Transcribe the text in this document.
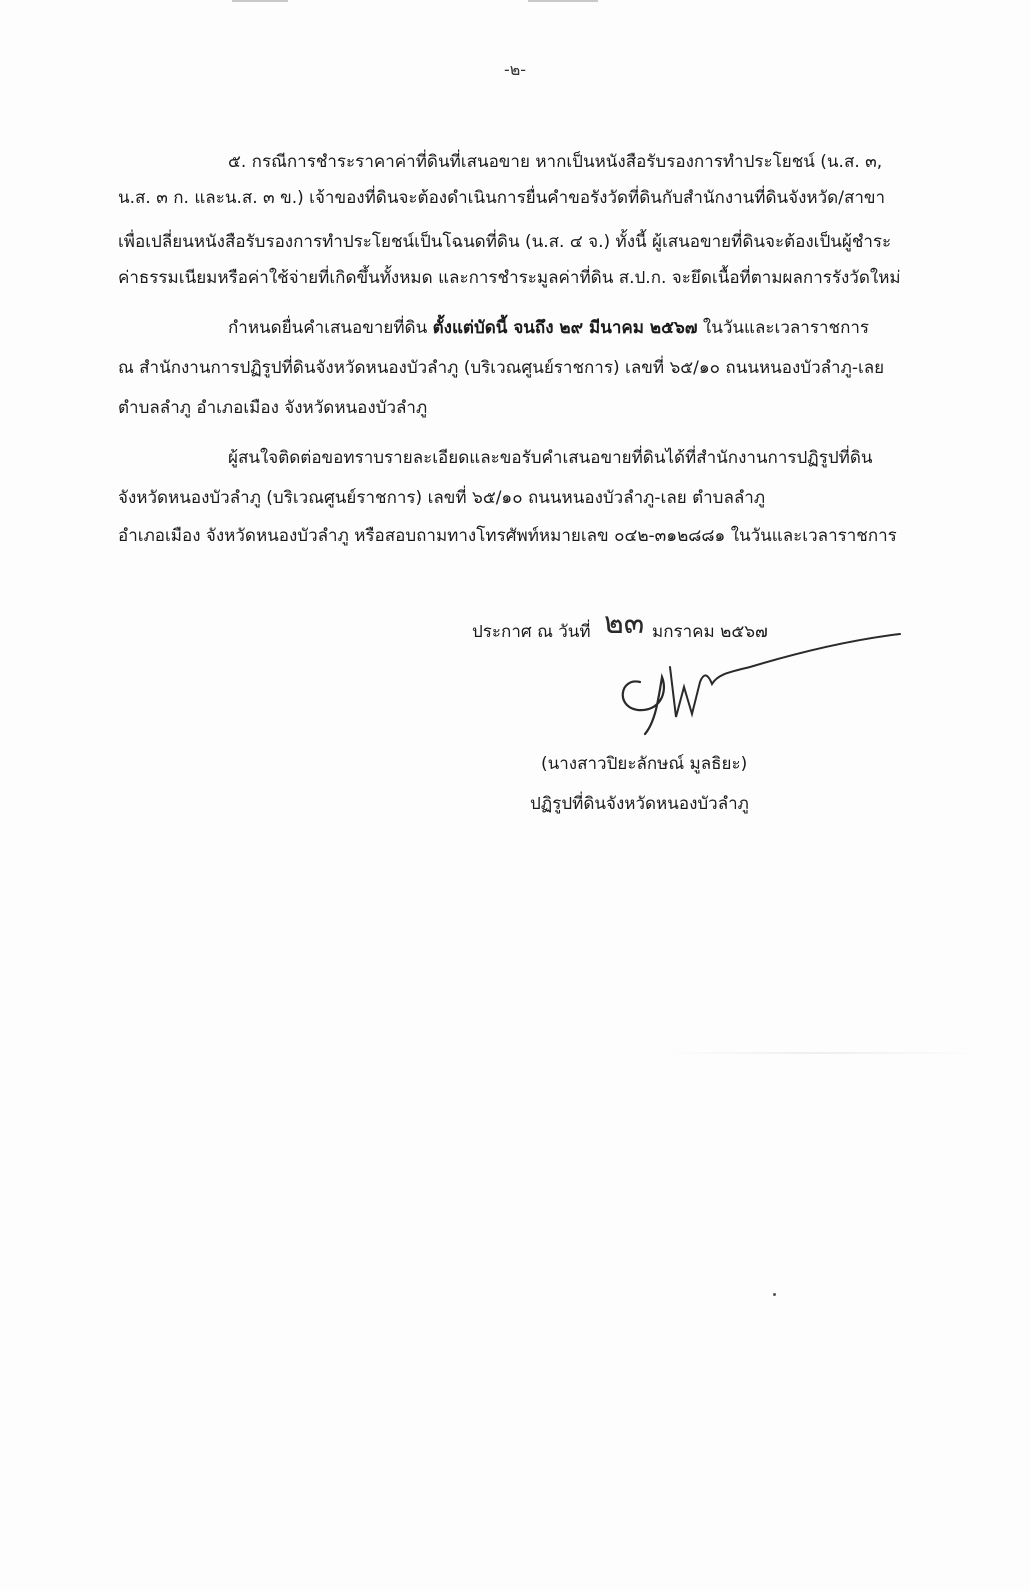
-๒-
๕. กรณีการชำระราคาค่าที่ดินที่เสนอขาย หากเป็นหนังสือรับรองการทำประโยชน์ (น.ส. ๓,
น.ส. ๓ ก. และน.ส. ๓ ข.) เจ้าของที่ดินจะต้องดำเนินการยื่นคำขอรังวัดที่ดินกับสำนักงานที่ดินจังหวัด/สาขา
เพื่อเปลี่ยนหนังสือรับรองการทำประโยชน์เป็นโฉนดที่ดิน (น.ส. ๔ จ.) ทั้งนี้ ผู้เสนอขายที่ดินจะต้องเป็นผู้ชำระ
ค่าธรรมเนียมหรือค่าใช้จ่ายที่เกิดขึ้นทั้งหมด และการชำระมูลค่าที่ดิน ส.ป.ก. จะยึดเนื้อที่ตามผลการรังวัดใหม่
กำหนดยื่นคำเสนอขายที่ดิน ตั้งแต่บัดนี้ จนถึง ๒๙ มีนาคม ๒๕๖๗ ในวันและเวลาราชการ
ณ สำนักงานการปฏิรูปที่ดินจังหวัดหนองบัวลำภู (บริเวณศูนย์ราชการ) เลขที่ ๖๕/๑๐ ถนนหนองบัวลำภู-เลย
ตำบลลำภู อำเภอเมือง จังหวัดหนองบัวลำภู
ผู้สนใจติดต่อขอทราบรายละเอียดและขอรับคำเสนอขายที่ดินได้ที่สำนักงานการปฏิรูปที่ดิน
จังหวัดหนองบัวลำภู (บริเวณศูนย์ราชการ) เลขที่ ๖๕/๑๐ ถนนหนองบัวลำภู-เลย ตำบลลำภู
อำเภอเมือง จังหวัดหนองบัวลำภู หรือสอบถามทางโทรศัพท์หมายเลข ๐๔๒-๓๑๒๘๘๑ ในวันและเวลาราชการ
ประกาศ ณ วันที่ ๒๓ มกราคม ๒๕๖๗
(นางสาวปิยะลักษณ์ มูลธิยะ)
ปฏิรูปที่ดินจังหวัดหนองบัวลำภู
